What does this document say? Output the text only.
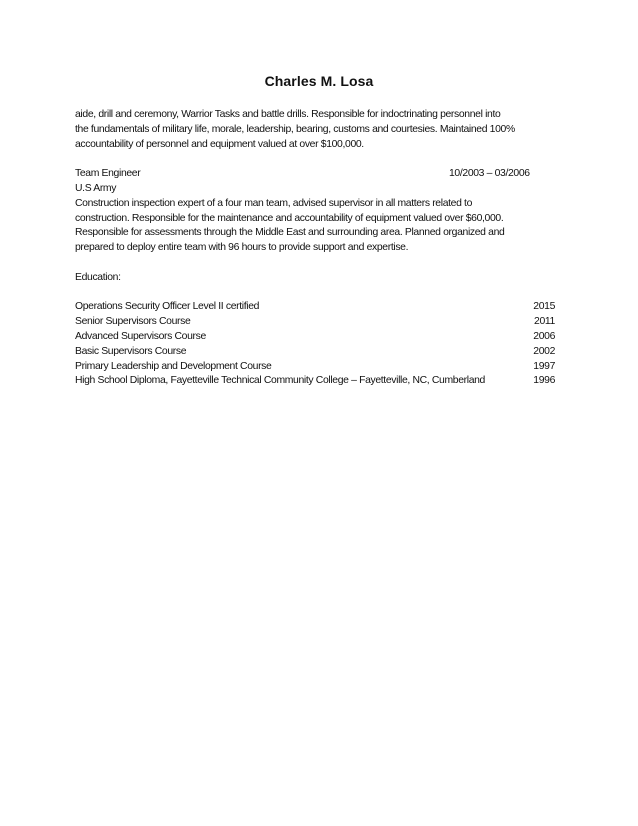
Charles M. Losa
aide, drill and ceremony, Warrior Tasks and battle drills. Responsible for indoctrinating personnel into
the fundamentals of military life, morale, leadership, bearing, customs and courtesies. Maintained 100%
accountability of personnel and equipment valued at over $100,000.
Team Engineer	10/2003 – 03/2006
U.S Army
Construction inspection expert of a four man team, advised supervisor in all matters related to
construction. Responsible for the maintenance and accountability of equipment valued over $60,000.
Responsible for assessments through the Middle East and surrounding area. Planned organized and
prepared to deploy entire team with 96 hours to provide support and expertise.
Education:
Operations Security Officer Level II certified	2015
Senior Supervisors Course	2011
Advanced Supervisors Course	2006
Basic Supervisors Course	2002
Primary Leadership and Development Course	1997
High School Diploma, Fayetteville Technical Community College – Fayetteville, NC, Cumberland	1996
